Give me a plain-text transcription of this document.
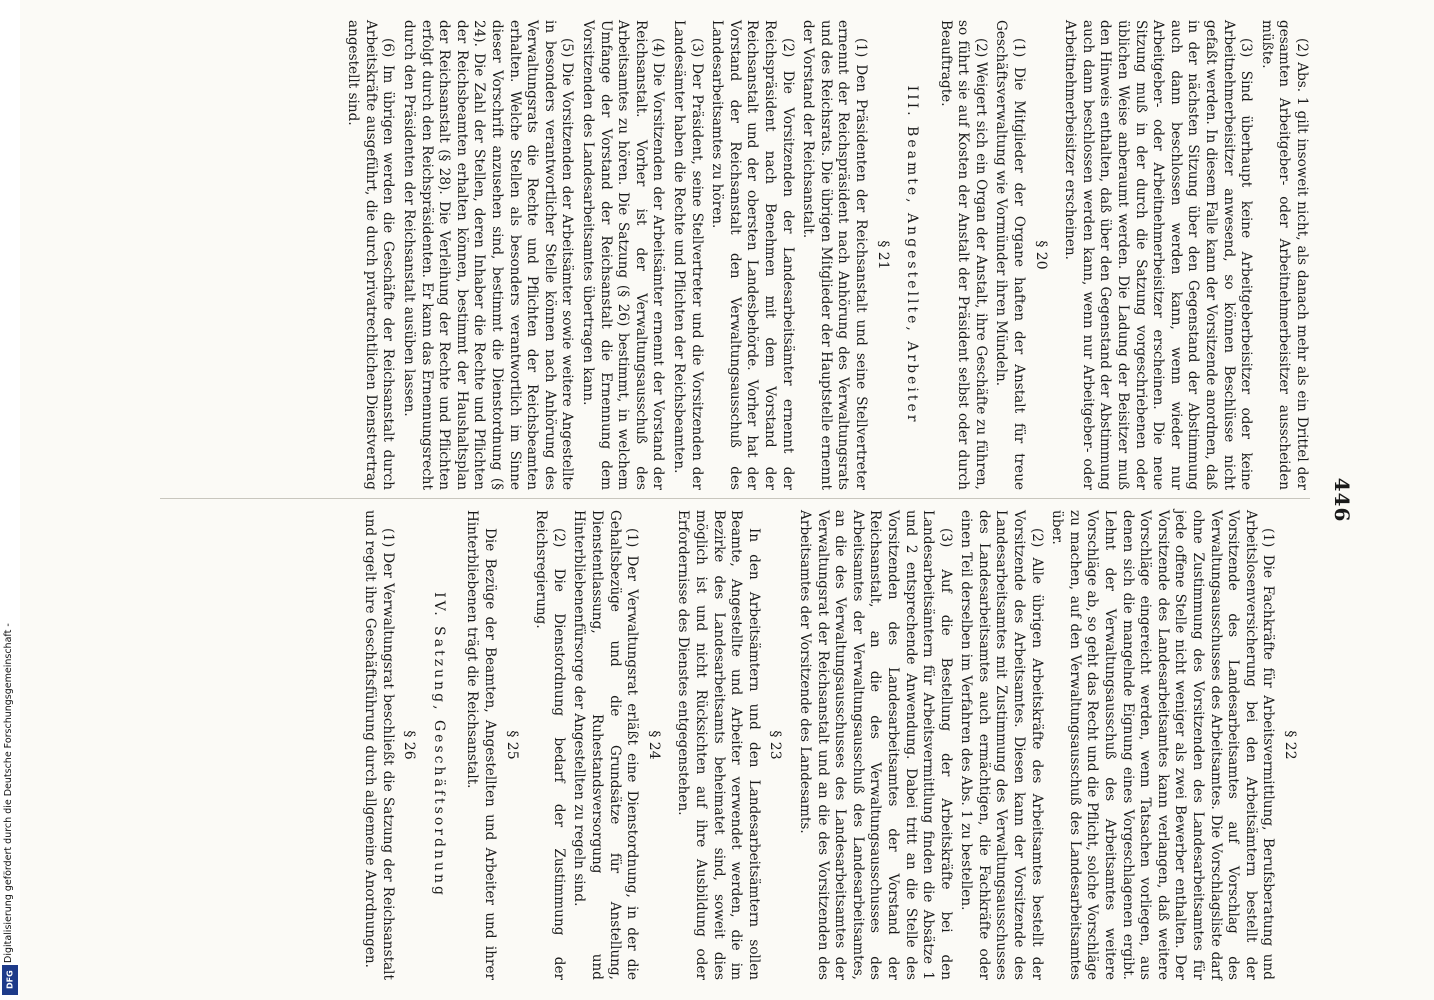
446

(2) Abs. 1 gilt insoweit nicht, als danach mehr als ein Drittel der gesamten Arbeitgeber- oder Arbeitnehmerbeisitzer ausscheiden müßte.

(3) Sind überhaupt keine Arbeitgeberbeisitzer oder keine Arbeitnehmerbeisitzer anwesend, so können Beschlüsse nicht gefaßt werden. In diesem Falle kann der Vorsitzende anordnen, daß in der nächsten Sitzung über den Gegenstand der Abstimmung auch dann beschlossen werden kann, wenn wieder nur Arbeitgeber- oder Arbeitnehmerbeisitzer erscheinen. Die neue Sitzung muß in der durch die Satzung vorgeschriebenen oder üblichen Weise anberaumt werden. Die Ladung der Beisitzer muß den Hinweis enthalten, daß über den Gegenstand der Abstimmung auch dann beschlossen werden kann, wenn nur Arbeitgeber- oder Arbeitnehmerbeisitzer erscheinen.

§ 20

(1) Die Mitglieder der Organe haften der Anstalt für treue Geschäftsverwaltung wie Vormünder ihren Mündeln.

(2) Weigert sich ein Organ der Anstalt, ihre Geschäfte zu führen, so führt sie auf Kosten der Anstalt der Präsident selbst oder durch Beauftragte.

III. Beamte, Angestellte, Arbeiter

§ 21

(1) Den Präsidenten der Reichsanstalt und seine Stellvertreter ernennt der Reichspräsident nach Anhörung des Verwaltungsrats und des Reichsrats. Die übrigen Mitglieder der Hauptstelle ernennt der Vorstand der Reichsanstalt.

(2) Die Vorsitzenden der Landesarbeitsämter ernennt der Reichspräsident nach Benehmen mit dem Vorstand der Reichsanstalt und der obersten Landesbehörde. Vorher hat der Vorstand der Reichsanstalt den Verwaltungsausschuß des Landesarbeitsamtes zu hören.

(3) Der Präsident, seine Stellvertreter und die Vorsitzenden der Landesämter haben die Rechte und Pflichten der Reichsbeamten.

(4) Die Vorsitzenden der Arbeitsämter ernennt der Vorstand der Reichsanstalt. Vorher ist der Verwaltungsausschuß des Arbeitsamtes zu hören. Die Satzung (§ 26) bestimmt, in welchem Umfange der Vorstand der Reichsanstalt die Ernennung dem Vorsitzenden des Landesarbeitsamtes übertragen kann.

(5) Die Vorsitzenden der Arbeitsämter sowie weitere Angestellte in besonders verantwortlicher Stelle können nach Anhörung des Verwaltungsrats die Rechte und Pflichten der Reichsbeamten erhalten. Welche Stellen als besonders verantwortlich im Sinne dieser Vorschrift anzusehen sind, bestimmt die Dienstordnung (§ 24). Die Zahl der Stellen, deren Inhaber die Rechte und Pflichten der Reichsbeamten erhalten können, bestimmt der Haushaltsplan der Reichsanstalt (§ 28). Die Verleihung der Rechte und Pflichten erfolgt durch den Reichspräsidenten. Er kann das Ernennungsrecht durch den Präsidenten der Reichsanstalt ausüben lassen.

(6) Im übrigen werden die Geschäfte der Reichsanstalt durch Arbeitskräfte ausgeführt, die durch privatrechtlichen Dienstvertrag angestellt sind.

§ 22

(1) Die Fachkräfte für Arbeitsvermittlung, Berufsberatung und Arbeitslosenversicherung bei den Arbeitsämtern bestellt der Vorsitzende des Landesarbeitsamtes auf Vorschlag des Verwaltungsausschusses des Arbeitsamtes. Die Vorschlagsliste darf ohne Zustimmung des Vorsitzenden des Landesarbeitsamtes für jede offene Stelle nicht weniger als zwei Bewerber enthalten. Der Vorsitzende des Landesarbeitsamtes kann verlangen, daß weitere Vorschläge eingereicht werden, wenn Tatsachen vorliegen, aus denen sich die mangelnde Eignung eines Vorgeschlagenen ergibt. Lehnt der Verwaltungsausschuß des Arbeitsamtes weitere Vorschläge ab, so geht das Recht und die Pflicht, solche Vorschläge zu machen, auf den Verwaltungsausschuß des Landesarbeitsamtes über.

(2) Alle übrigen Arbeitskräfte des Arbeitsamtes bestellt der Vorsitzende des Arbeitsamtes. Diesen kann der Vorsitzende des Landesarbeitsamtes mit Zustimmung des Verwaltungsausschusses des Landesarbeitsamtes auch ermächtigen, die Fachkräfte oder einen Teil derselben im Verfahren des Abs. 1 zu bestellen.

(3) Auf die Bestellung der Arbeitskräfte bei den Landesarbeitsämtern für Arbeitsvermittlung finden die Absätze 1 und 2 entsprechende Anwendung. Dabei tritt an die Stelle des Vorsitzenden des Landesarbeitsamtes der Vorstand der Reichsanstalt, an die des Verwaltungsausschusses des Arbeitsamtes der Verwaltungsausschuß des Landesarbeitsamtes, an die des Verwaltungsausschusses des Landesarbeitsamtes der Verwaltungsrat der Reichsanstalt und an die des Vorsitzenden des Arbeitsamtes der Vorsitzende des Landesamts.

§ 23

In den Arbeitsämtern und den Landesarbeitsämtern sollen Beamte, Angestellte und Arbeiter verwendet werden, die im Bezirke des Landesarbeitsamts beheimatet sind, soweit dies möglich ist und nicht Rücksichten auf ihre Ausbildung oder Erfordernisse des Dienstes entgegenstehen.

§ 24

(1) Der Verwaltungsrat erläßt eine Dienstordnung, in der die Gehaltsbezüge und die Grundsätze für Anstellung, Dienstentlassung, Ruhestandsversorgung und Hinterbliebenenfürsorge der Angestellten zu regeln sind.

(2) Die Dienstordnung bedarf der Zustimmung der Reichsregierung.

§ 25

Die Bezüge der Beamten, Angestellten und Arbeiter und ihrer Hinterbliebenen trägt die Reichsanstalt.

IV. Satzung, Geschäftsordnung

§ 26

(1) Der Verwaltungsrat beschließt die Satzung der Reichsanstalt und regelt ihre Geschäftsführung durch allgemeine Anordnungen.

Digitalisierung gefördert durch die Deutsche Forschungsgemeinschaft -
DFG
